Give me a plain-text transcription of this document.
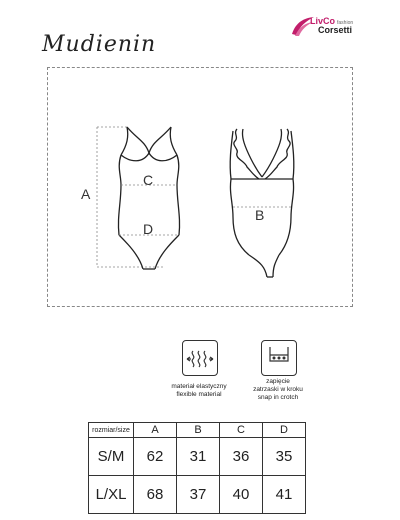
Mudienin
LivCo fashion
Corsetti
A
C
D
B
materiał elastyczny
flexible material
zapięcie
zatrzaski w kroku
snap in crotch
rozmiar/size	A	B	C	D
S/M	62	31	36	35
L/XL	68	37	40	41
